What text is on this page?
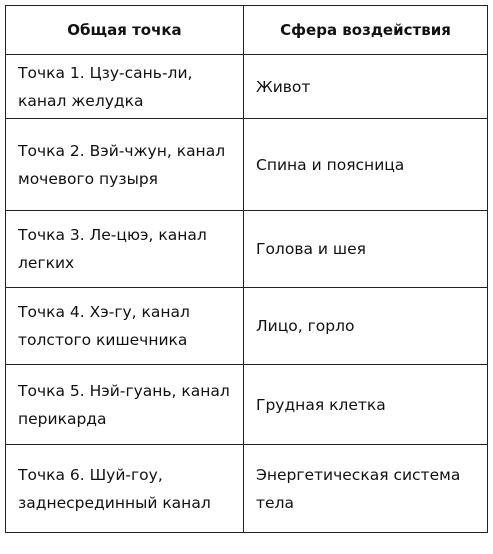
Общая точка	Сфера воздействия

Точка 1. Цзу-сань-ли, канал желудка	Живот

Точка 2. Вэй-чжун, канал мочевого пузыря	Спина и поясница

Точка 3. Ле-цюэ, канал легких	Голова и шея

Точка 4. Хэ-гу, канал толстого кишечника	Лицо, горло

Точка 5. Нэй-гуань, канал перикарда	Грудная клетка

Точка 6. Шуй-гоу, заднесрединный канал	Энергетическая система тела
